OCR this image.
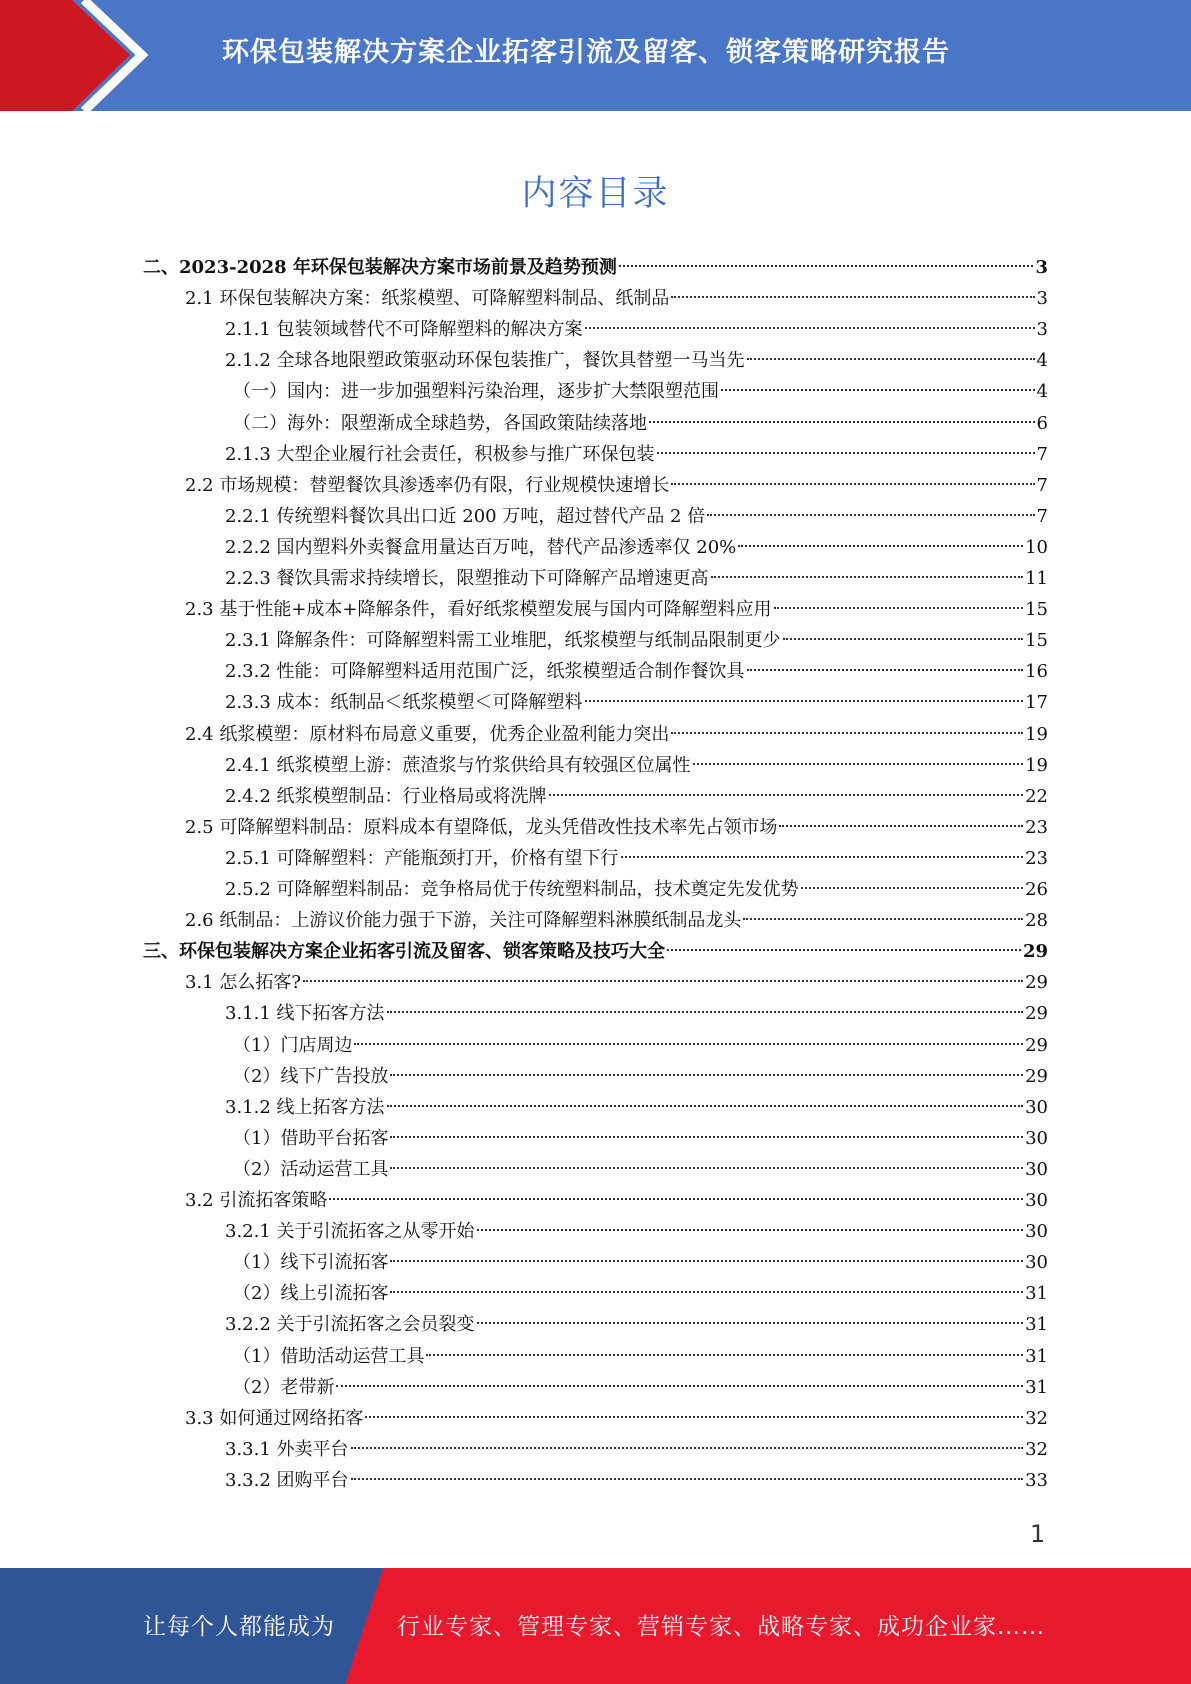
环保包装解决方案企业拓客引流及留客、锁客策略研究报告
内容目录
二、2023-2028 年环保包装解决方案市场前景及趋势预测	3
2.1 环保包装解决方案：纸浆模塑、可降解塑料制品、纸制品	3
2.1.1 包装领域替代不可降解塑料的解决方案	3
2.1.2 全球各地限塑政策驱动环保包装推广，餐饮具替塑一马当先	4
（一）国内：进一步加强塑料污染治理，逐步扩大禁限塑范围	4
（二）海外：限塑渐成全球趋势，各国政策陆续落地	6
2.1.3 大型企业履行社会责任，积极参与推广环保包装	7
2.2 市场规模：替塑餐饮具渗透率仍有限，行业规模快速增长	7
2.2.1 传统塑料餐饮具出口近 200 万吨，超过替代产品 2 倍	7
2.2.2 国内塑料外卖餐盒用量达百万吨，替代产品渗透率仅 20%	10
2.2.3 餐饮具需求持续增长，限塑推动下可降解产品增速更高	11
2.3 基于性能+成本+降解条件，看好纸浆模塑发展与国内可降解塑料应用	15
2.3.1 降解条件：可降解塑料需工业堆肥，纸浆模塑与纸制品限制更少	15
2.3.2 性能：可降解塑料适用范围广泛，纸浆模塑适合制作餐饮具	16
2.3.3 成本：纸制品＜纸浆模塑＜可降解塑料	17
2.4 纸浆模塑：原材料布局意义重要，优秀企业盈利能力突出	19
2.4.1 纸浆模塑上游：蔗渣浆与竹浆供给具有较强区位属性	19
2.4.2 纸浆模塑制品：行业格局或将洗牌	22
2.5 可降解塑料制品：原料成本有望降低，龙头凭借改性技术率先占领市场	23
2.5.1 可降解塑料：产能瓶颈打开，价格有望下行	23
2.5.2 可降解塑料制品：竞争格局优于传统塑料制品，技术奠定先发优势	26
2.6 纸制品：上游议价能力强于下游，关注可降解塑料淋膜纸制品龙头	28
三、环保包装解决方案企业拓客引流及留客、锁客策略及技巧大全	29
3.1 怎么拓客?	29
3.1.1 线下拓客方法	29
（1）门店周边	29
（2）线下广告投放	29
3.1.2 线上拓客方法	30
（1）借助平台拓客	30
（2）活动运营工具	30
3.2 引流拓客策略	30
3.2.1 关于引流拓客之从零开始	30
（1）线下引流拓客	30
（2）线上引流拓客	31
3.2.2 关于引流拓客之会员裂变	31
（1）借助活动运营工具	31
（2）老带新	31
3.3 如何通过网络拓客	32
3.3.1 外卖平台	32
3.3.2 团购平台	33
1
让每个人都能成为	行业专家、管理专家、营销专家、战略专家、成功企业家……
